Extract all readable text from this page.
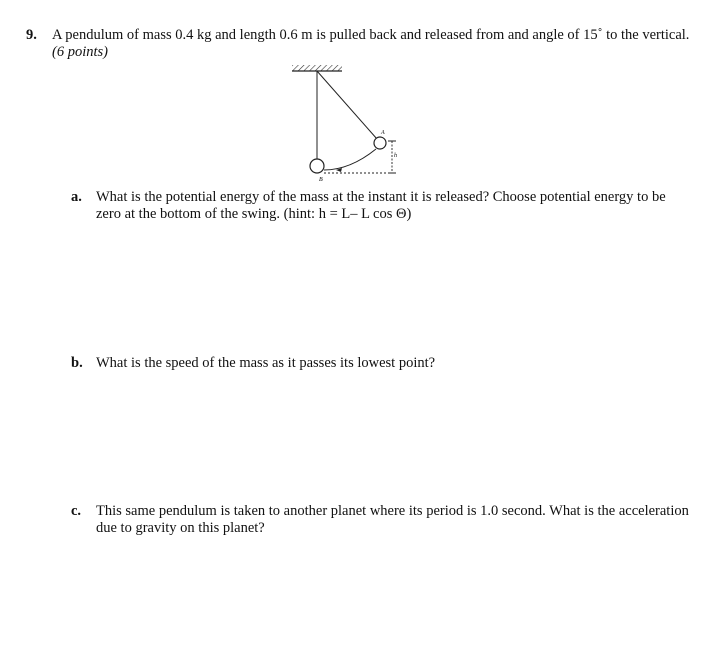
9. A pendulum of mass 0.4 kg and length 0.6 m is pulled back and released from and angle of 15˚ to the vertical.
(6 points)
A
B
h
a. What is the potential energy of the mass at the instant it is released? Choose potential energy to be
zero at the bottom of the swing. (hint: h = L– L cos Θ)
b. What is the speed of the mass as it passes its lowest point?
c. This same pendulum is taken to another planet where its period is 1.0 second. What is the acceleration
due to gravity on this planet?
